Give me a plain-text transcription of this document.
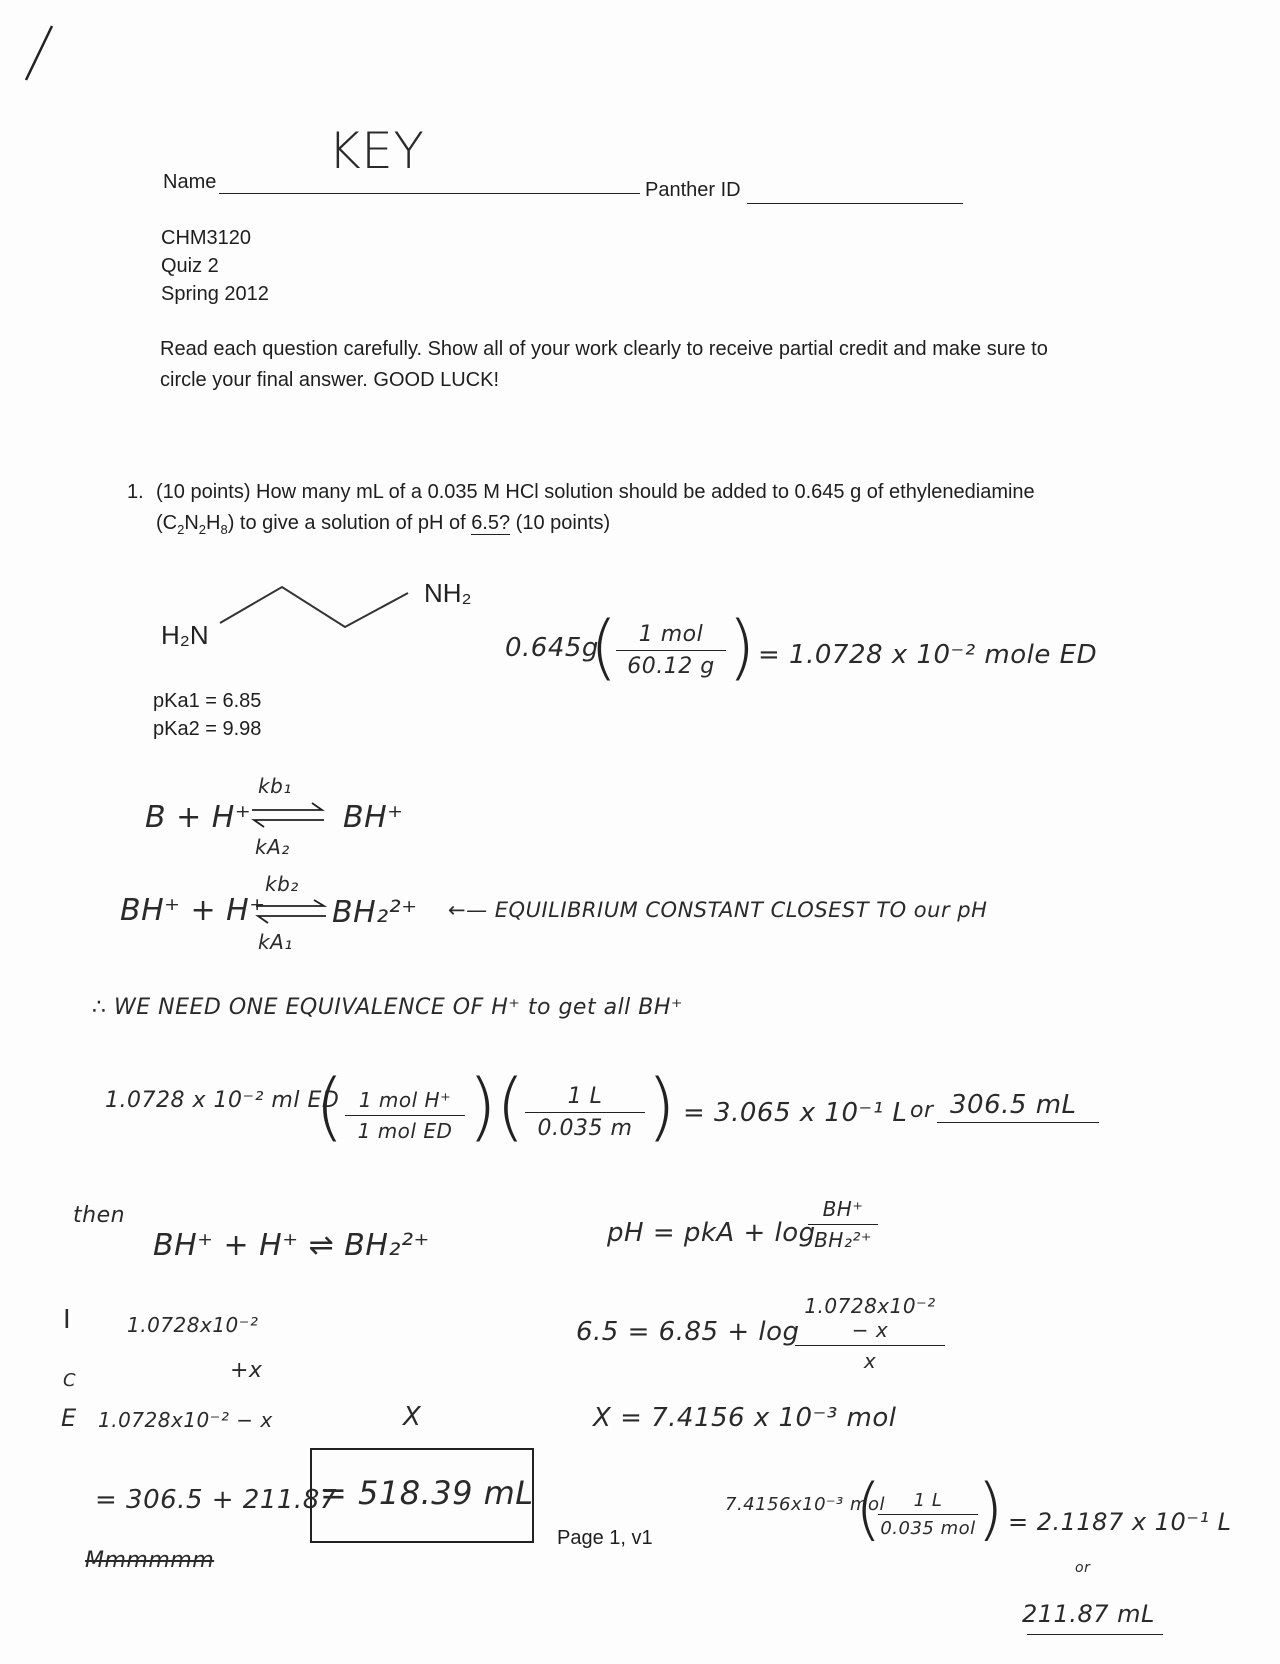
Name
KEY
Panther ID
CHM3120
Quiz 2
Spring 2012
Read each question carefully. Show all of your work clearly to receive partial credit and make sure to
circle your final answer. GOOD LUCK!
1. (10 points) How many mL of a 0.035 M HCl solution should be added to 0.645 g of ethylenediamine
$(C_2N_2H_8)$ to give a solution of pH of 6.5? (10 points)
H₂N
NH₂
pKa1 = 6.85
pKa2 = 9.98
0.645g
( 1 mol
60.12 g ) = 1.0728 x 10⁻² mole ED
B + H⁺
kb₁
kA₂
BH⁺
BH⁺ + H⁺
kb₂
kA₁
BH₂²⁺ ←— EQUILIBRIUM CONSTANT CLOSEST TO our pH
∴ WE NEED ONE EQUIVALENCE OF H⁺ to get all BH⁺
1.0728 x 10⁻² ml ED
( 1 mol H⁺
1 mol ED ) (	1 L
0.035 m ) = 3.065 x 10⁻¹ L or 306.5 mL
then
BH⁺ + H⁺ ⇌ BH₂²⁺
I	1.0728x10⁻²
C	+x
E 1.0728x10⁻² − x	X
pH = pkA + log
BH⁺
BH₂²⁺
6.5 = 6.85 + log
1.0728x10⁻² − x
x
X = 7.4156 x 10⁻³ mol
= 306.5 + 211.87
= 518.39 mL
Mmmmmm
7.4156x10⁻³ mol
(	1 L
0.035 mol ) = 2.1187 x 10⁻¹ L
or
211.87 mL
Page 1, v1
